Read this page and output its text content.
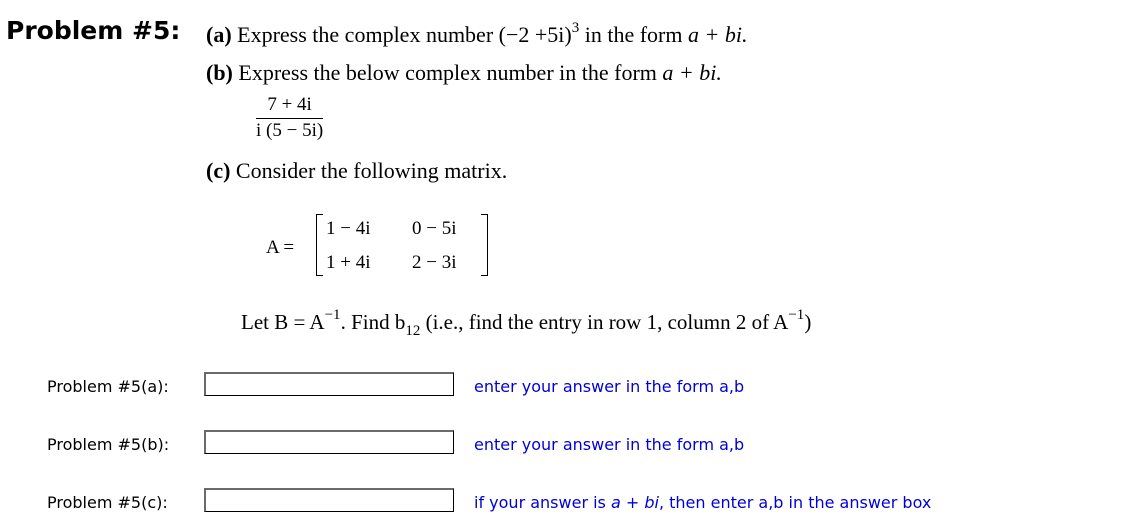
Problem #5: (a) Express the complex number $(-2 +5i)^3$ in the form a + bi.
(b) Express the below complex number in the form a + bi.
$\frac{7 + 4i}{i (5 - 5i)}$
(c) Consider the following matrix.
A =
1 − 4i 0 − 5i
1 + 4i 2 − 3i
Let $B = A^{-1}$. Find $b_{12}$ (i.e., find the entry in row 1, column 2 of $A^{-1}$)
Problem #5(a):	enter your answer in the form a,b
Problem #5(b):	enter your answer in the form a,b
Problem #5(c):	if your answer is a + bi, then enter a,b in the answer box
